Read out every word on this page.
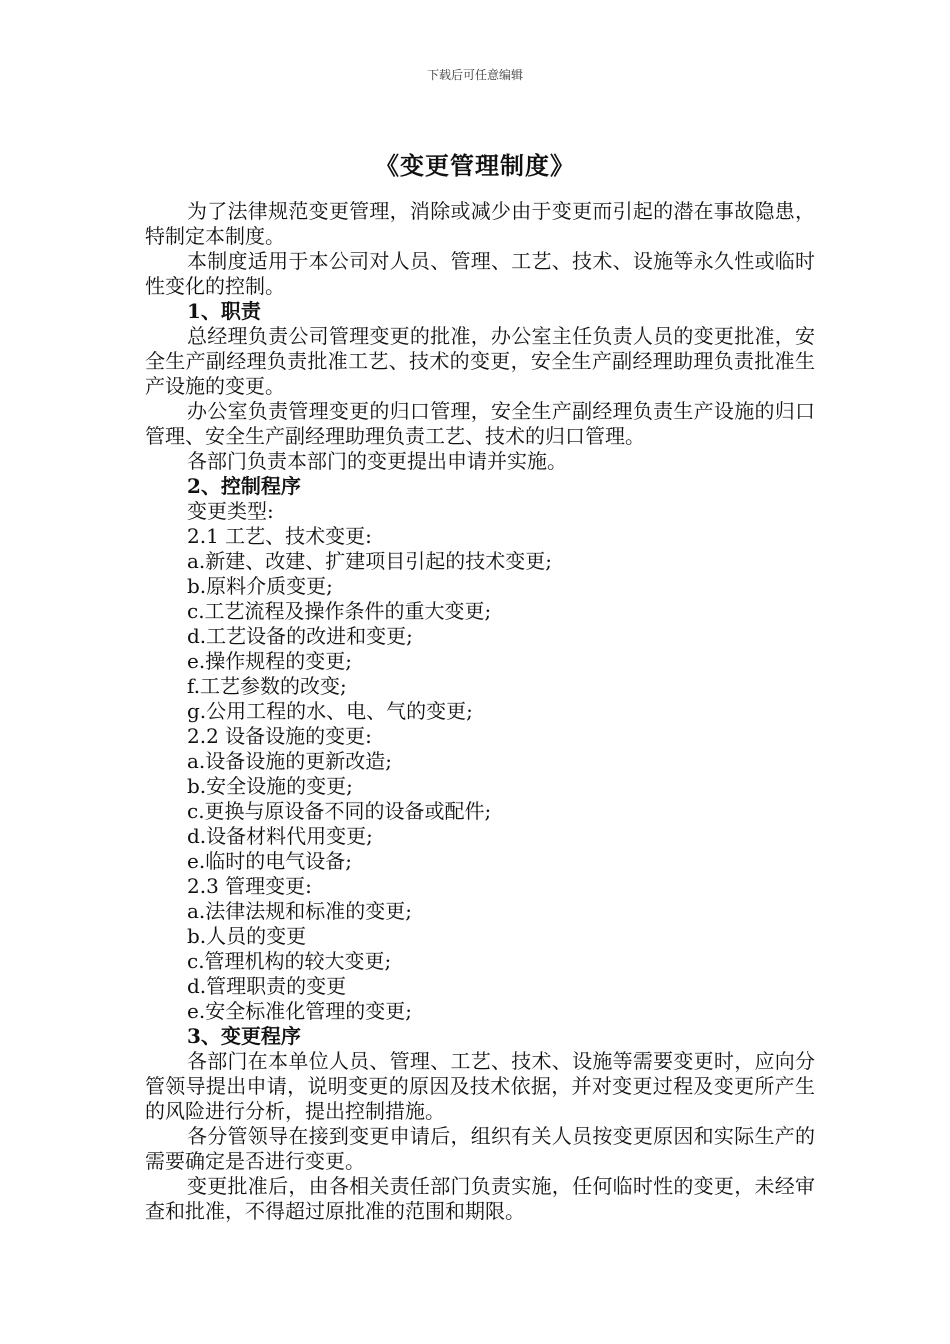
下载后可任意编辑
《变更管理制度》

为了法律规范变更管理，消除或减少由于变更而引起的潜在事故隐患，特制定本制度。

本制度适用于本公司对人员、管理、工艺、技术、设施等永久性或临时性变化的控制。

1、职责

总经理负责公司管理变更的批准，办公室主任负责人员的变更批准，安全生产副经理负责批准工艺、技术的变更，安全生产副经理助理负责批准生产设施的变更。

办公室负责管理变更的归口管理，安全生产副经理负责生产设施的归口管理、安全生产副经理助理负责工艺、技术的归口管理。

各部门负责本部门的变更提出申请并实施。

2、控制程序

变更类型:

2.1 工艺、技术变更:

a.新建、改建、扩建项目引起的技术变更;

b.原料介质变更;

c.工艺流程及操作条件的重大变更;

d.工艺设备的改进和变更;

e.操作规程的变更;

f.工艺参数的改变;

g.公用工程的水、电、气的变更;

2.2 设备设施的变更:

a.设备设施的更新改造;

b.安全设施的变更;

c.更换与原设备不同的设备或配件;

d.设备材料代用变更;

e.临时的电气设备;

2.3 管理变更:

a.法律法规和标准的变更;

b.人员的变更

c.管理机构的较大变更;

d.管理职责的变更

e.安全标准化管理的变更;

3、变更程序

各部门在本单位人员、管理、工艺、技术、设施等需要变更时，应向分管领导提出申请，说明变更的原因及技术依据，并对变更过程及变更所产生的风险进行分析，提出控制措施。

各分管领导在接到变更申请后，组织有关人员按变更原因和实际生产的需要确定是否进行变更。

变更批准后，由各相关责任部门负责实施，任何临时性的变更，未经审查和批准，不得超过原批准的范围和期限。
